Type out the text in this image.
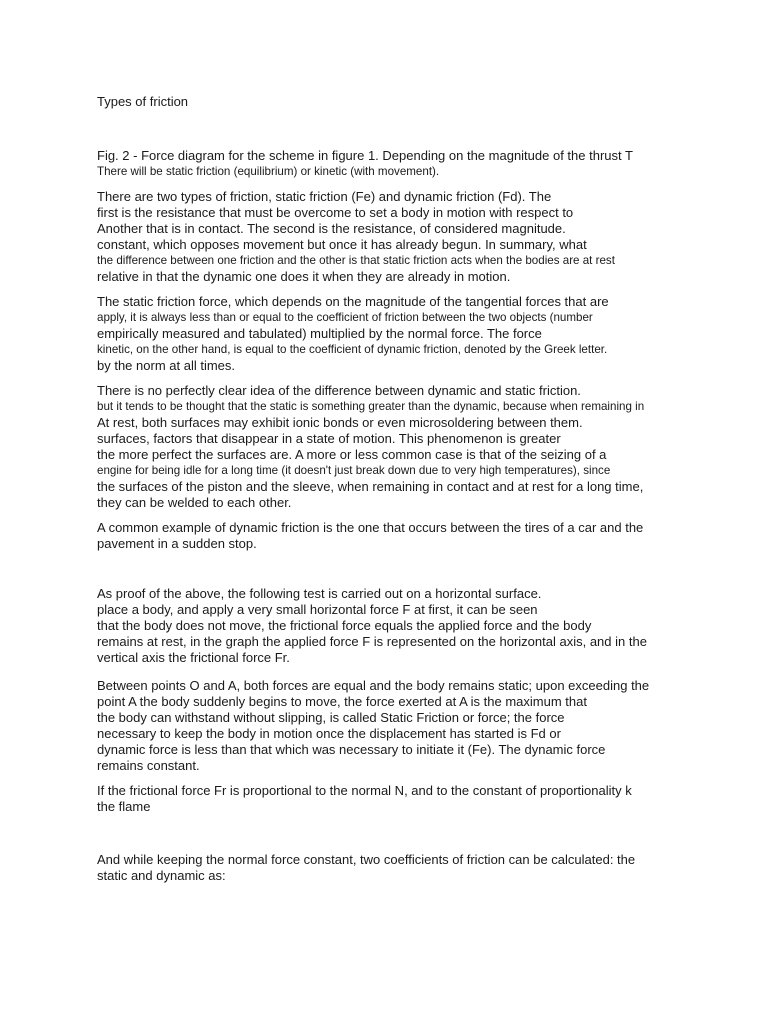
Types of friction
Fig. 2 - Force diagram for the scheme in figure 1. Depending on the magnitude of the thrust T
There will be static friction (equilibrium) or kinetic (with movement).
There are two types of friction, static friction (Fe) and dynamic friction (Fd). The
first is the resistance that must be overcome to set a body in motion with respect to
Another that is in contact. The second is the resistance, of considered magnitude.
constant, which opposes movement but once it has already begun. In summary, what
the difference between one friction and the other is that static friction acts when the bodies are at rest
relative in that the dynamic one does it when they are already in motion.
The static friction force, which depends on the magnitude of the tangential forces that are
apply, it is always less than or equal to the coefficient of friction between the two objects (number
empirically measured and tabulated) multiplied by the normal force. The force
kinetic, on the other hand, is equal to the coefficient of dynamic friction, denoted by the Greek letter.
by the norm at all times.
There is no perfectly clear idea of the difference between dynamic and static friction.
but it tends to be thought that the static is something greater than the dynamic, because when remaining in
At rest, both surfaces may exhibit ionic bonds or even microsoldering between them.
surfaces, factors that disappear in a state of motion. This phenomenon is greater
the more perfect the surfaces are. A more or less common case is that of the seizing of a
engine for being idle for a long time (it doesn't just break down due to very high temperatures), since
the surfaces of the piston and the sleeve, when remaining in contact and at rest for a long time,
they can be welded to each other.
A common example of dynamic friction is the one that occurs between the tires of a car and the
pavement in a sudden stop.
As proof of the above, the following test is carried out on a horizontal surface.
place a body, and apply a very small horizontal force F at first, it can be seen
that the body does not move, the frictional force equals the applied force and the body
remains at rest, in the graph the applied force F is represented on the horizontal axis, and in the
vertical axis the frictional force Fr.
Between points O and A, both forces are equal and the body remains static; upon exceeding the
point A the body suddenly begins to move, the force exerted at A is the maximum that
the body can withstand without slipping, is called Static Friction or force; the force
necessary to keep the body in motion once the displacement has started is Fd or
dynamic force is less than that which was necessary to initiate it (Fe). The dynamic force
remains constant.
If the frictional force Fr is proportional to the normal N, and to the constant of proportionality k
the flame
And while keeping the normal force constant, two coefficients of friction can be calculated: the
static and dynamic as:
